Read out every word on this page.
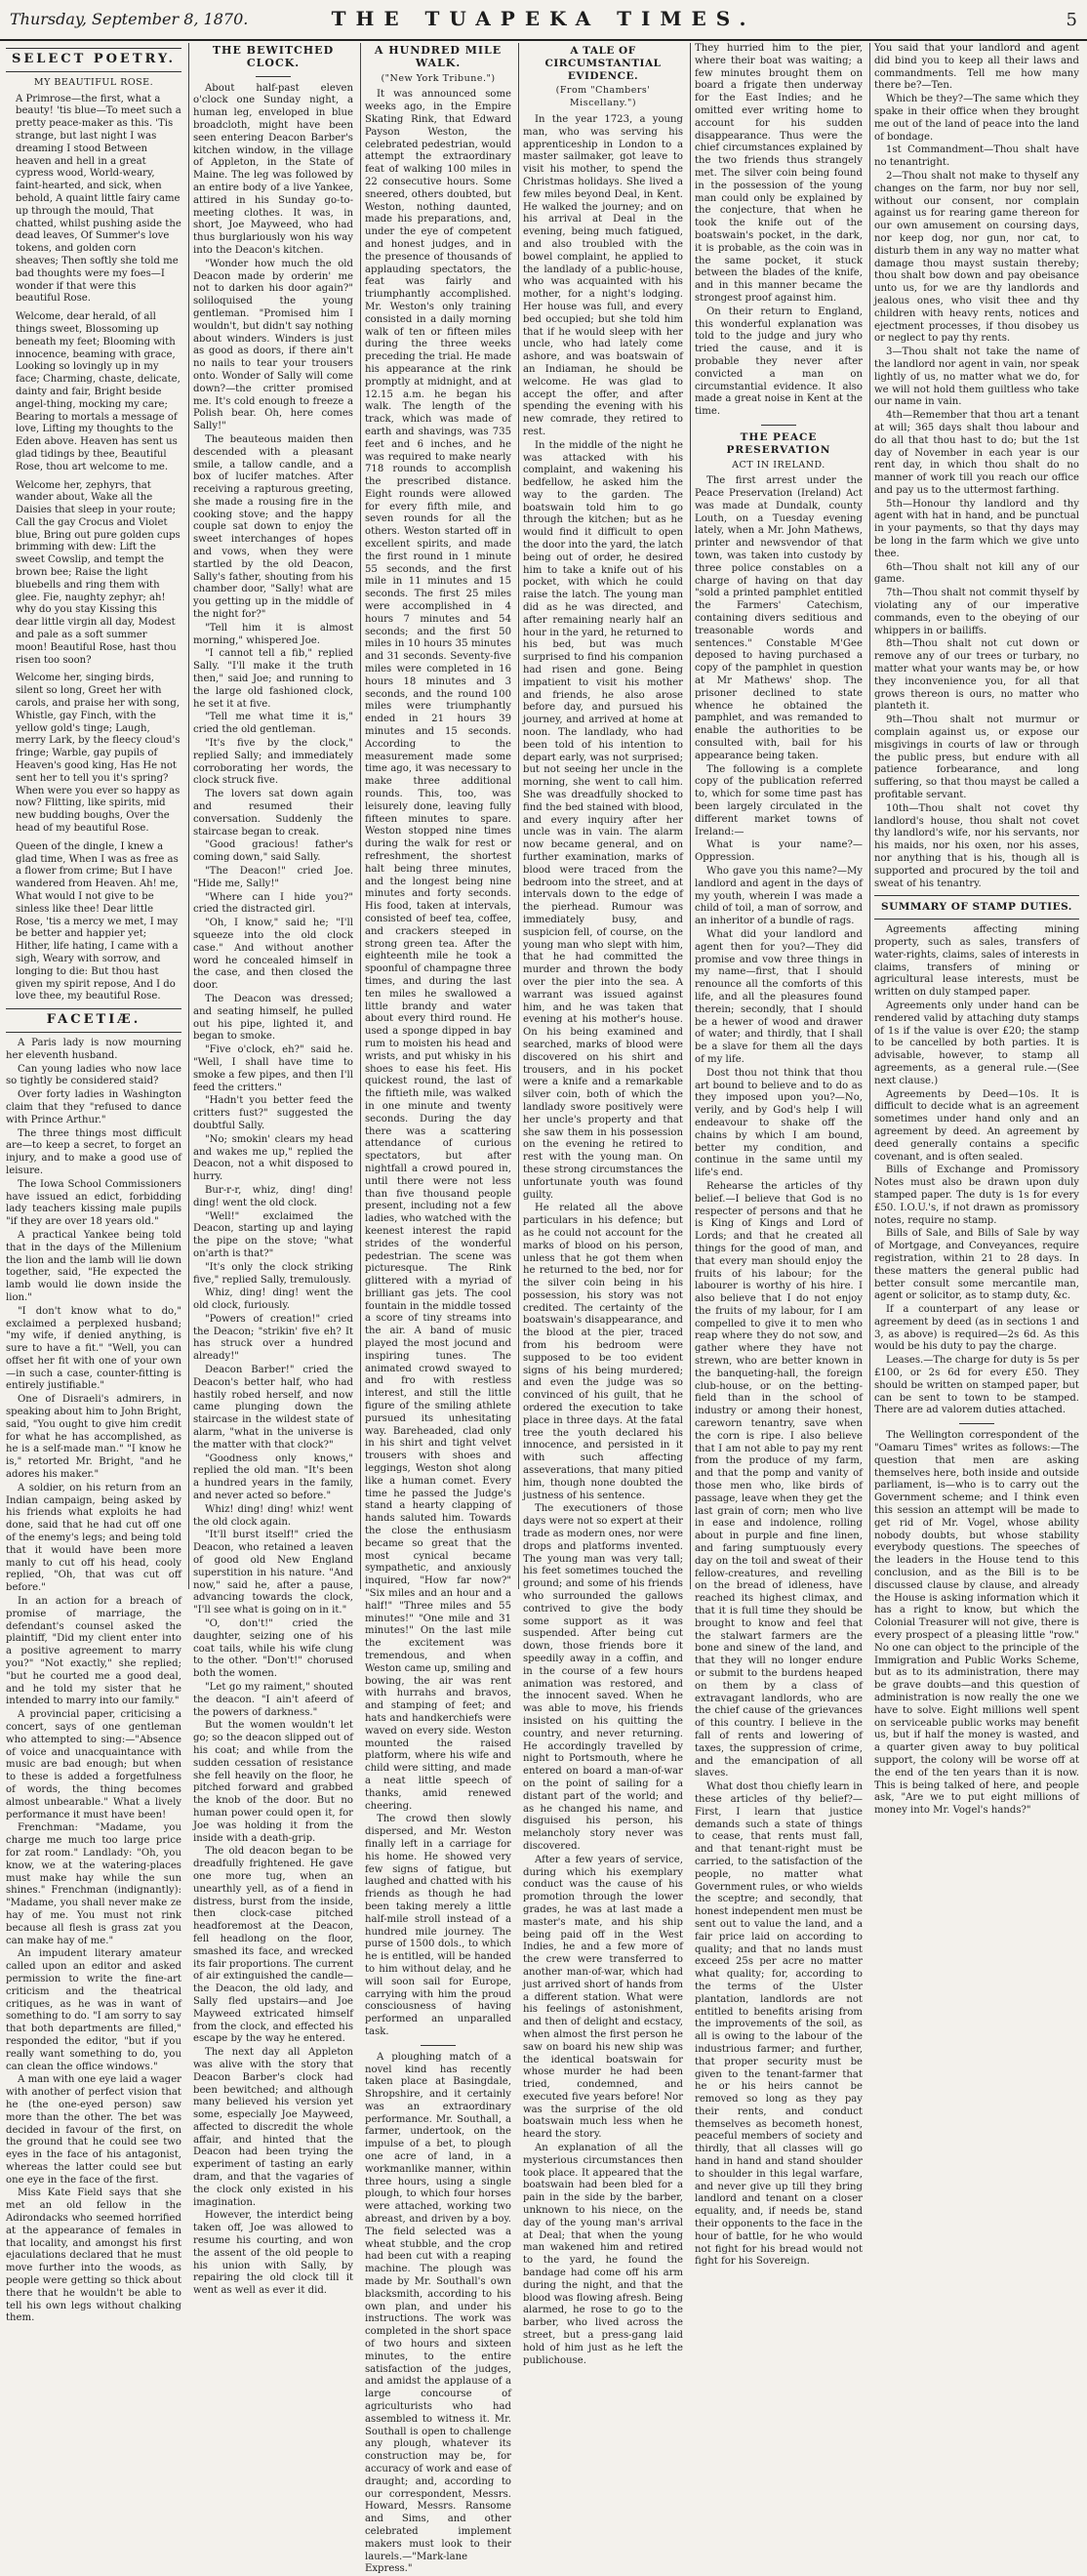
Thursday, September 8, 1870.	THE TUAPEKA TIMES.	5
SELECT POETRY.
MY BEAUTIFUL ROSE.

A Primrose—the first, what a beauty! 'tis blue—To meet such a pretty peace-maker as this. 'Tis strange, but last night I was dreaming I stood Between heaven and hell in a great cypress wood, World-weary, faint-hearted, and sick, when behold, A quaint little fairy came up through the mould, That chatted, whilst pushing aside the dead leaves, Of Summer's love tokens, and golden corn sheaves; Then softly she told me bad thoughts were my foes—I wonder if that were this beautiful Rose.

Welcome, dear herald, of all things sweet, Blossoming up beneath my feet; Blooming with innocence, beaming with grace, Looking so lovingly up in my face; Charming, chaste, delicate, dainty and fair, Bright beside angel-thing, mocking my care; Bearing to mortals a message of love, Lifting my thoughts to the Eden above. Heaven has sent us glad tidings by thee, Beautiful Rose, thou art welcome to me.

Welcome her, zephyrs, that wander about, Wake all the Daisies that sleep in your route; Call the gay Crocus and Violet blue, Bring out pure golden cups brimming with dew: Lift the sweet Cowslip, and tempt the brown bee; Raise the light bluebells and ring them with glee. Fie, naughty zephyr; ah! why do you stay Kissing this dear little virgin all day, Modest and pale as a soft summer moon! Beautiful Rose, hast thou risen too soon?

Welcome her, singing birds, silent so long, Greet her with carols, and praise her with song, Whistle, gay Finch, with the yellow gold's tinge; Laugh, merry Lark, by the fleecy cloud's fringe; Warble, gay pupils of Heaven's good king, Has He not sent her to tell you it's spring? When were you ever so happy as now? Flitting, like spirits, mid new budding boughs, Over the head of my beautiful Rose.

Queen of the dingle, I knew a glad time, When I was as free as a flower from crime; But I have wandered from Heaven. Ah! me, What would I not give to be sinless like thee! Dear little Rose, 'tis a mercy we met, I may be better and happier yet; Hither, life hating, I came with a sigh, Weary with sorrow, and longing to die: But thou hast given my spirit repose, And I do love thee, my beautiful Rose.

FACETIÆ.

A Paris lady is now mourning her eleventh husband.

Can young ladies who now lace so tightly be considered staid?

Over forty ladies in Washington claim that they "refused to dance with Prince Arthur."

The three things most difficult are—to keep a secret, to forget an injury, and to make a good use of leisure.

The Iowa School Commissioners have issued an edict, forbidding lady teachers kissing male pupils "if they are over 18 years old."

A practical Yankee being told that in the days of the Millenium the lion and the lamb will lie down together, said, "He expected the lamb would lie down inside the lion."

"I don't know what to do," exclaimed a perplexed husband; "my wife, if denied anything, is sure to have a fit." "Well, you can offset her fit with one of your own—in such a case, counter-fitting is entirely justifiable."

One of Disraeli's admirers, in speaking about him to John Bright, said, "You ought to give him credit for what he has accomplished, as he is a self-made man." "I know he is," retorted Mr. Bright, "and he adores his maker."

A soldier, on his return from an Indian campaign, being asked by his friends what exploits he had done, said that he had cut off one of the enemy's legs; and being told that it would have been more manly to cut off his head, cooly replied, "Oh, that was cut off before."

In an action for a breach of promise of marriage, the defendant's counsel asked the plaintiff, "Did my client enter into a positive agreement to marry you?" "Not exactly," she replied; "but he courted me a good deal, and he told my sister that he intended to marry into our family."

A provincial paper, criticising a concert, says of one gentleman who attempted to sing:—"Absence of voice and unacquaintance with music are bad enough; but when to these is added a forgetfulness of words, the thing becomes almost unbearable." What a lively performance it must have been!

Frenchman: "Madame, you charge me much too large price for zat room." Landlady: "Oh, you know, we at the watering-places must make hay while the sun shines." Frenchman (indignantly): "Madame, you shall never make ze hay of me. You must not rink because all flesh is grass zat you can make hay of me."

An impudent literary amateur called upon an editor and asked permission to write the fine-art criticism and the theatrical critiques, as he was in want of something to do. "I am sorry to say that both departments are filled," responded the editor, "but if you really want something to do, you can clean the office windows."

A man with one eye laid a wager with another of perfect vision that he (the one-eyed person) saw more than the other. The bet was decided in favour of the first, on the ground that he could see two eyes in the face of his antagonist, whereas the latter could see but one eye in the face of the first.

Miss Kate Field says that she met an old fellow in the Adirondacks who seemed horrified at the appearance of females in that locality, and amongst his first ejaculations declared that he must move further into the woods, as people were getting so thick about there that he wouldn't be able to tell his own legs without chalking them.

THE BEWITCHED CLOCK.

About half-past eleven o'clock one Sunday night, a human leg, enveloped in blue broadcloth, might have been seen entering Deacon Barber's kitchen window, in the village of Appleton, in the State of Maine. The leg was followed by an entire body of a live Yankee, attired in his Sunday go-to-meeting clothes. It was, in short, Joe Mayweed, who had thus burglariously won his way into the Deacon's kitchen.

"Wonder how much the old Deacon made by orderin' me not to darken his door again?" soliloquised the young gentleman. "Promised him I wouldn't, but didn't say nothing about winders. Winders is just as good as doors, if there ain't no nails to tear your trousers onto. Wonder of Sally will come down?—the critter promised me. It's cold enough to freeze a Polish bear. Oh, here comes Sally!"

The beauteous maiden then descended with a pleasant smile, a tallow candle, and a box of lucifer matches. After receiving a rapturous greeting, she made a rousing fire in the cooking stove; and the happy couple sat down to enjoy the sweet interchanges of hopes and vows, when they were startled by the old Deacon, Sally's father, shouting from his chamber door, "Sally! what are you getting up in the middle of the night for?"

"Tell him it is almost morning," whispered Joe.

"I cannot tell a fib," replied Sally. "I'll make it the truth then," said Joe; and running to the large old fashioned clock, he set it at five.

"Tell me what time it is," cried the old gentleman.

"It's five by the clock," replied Sally; and immediately corroborating her words, the clock struck five.

The lovers sat down again and resumed their conversation. Suddenly the staircase began to creak.

"Good gracious! father's coming down," said Sally.

"The Deacon!" cried Joe. "Hide me, Sally!"

"Where can I hide you?" cried the distracted girl.

"Oh, I know," said he; "I'll squeeze into the old clock case." And without another word he concealed himself in the case, and then closed the door.

The Deacon was dressed; and seating himself, he pulled out his pipe, lighted it, and began to smoke.

"Five o'clock, eh?" said he. "Well, I shall have time to smoke a few pipes, and then I'll feed the critters."

"Hadn't you better feed the critters fust?" suggested the doubtful Sally.

"No; smokin' clears my head and wakes me up," replied the Deacon, not a whit disposed to hurry.

Bur-r-r, whiz, ding! ding! ding! went the old clock.

"Well!" exclaimed the Deacon, starting up and laying the pipe on the stove; "what on'arth is that?"

"It's only the clock striking five," replied Sally, tremulously.

Whiz, ding! ding! went the old clock, furiously.

"Powers of creation!" cried the Deacon; "strikin' five eh? It has struck over a hundred already!"

Deacon Barber!" cried the Deacon's better half, who had hastily robed herself, and now came plunging down the staircase in the wildest state of alarm, "what in the universe is the matter with that clock?"

"Goodness only knows," replied the old man. "It's been a hundred years in the family, and never acted so before."

Whiz! ding! ding! whiz! went the old clock again.

"It'll burst itself!" cried the Deacon, who retained a leaven of good old New England superstition in his nature. "And now," said he, after a pause, advancing towards the clock, "I'll see what is going on in it."

"O, don't!" cried the daughter, seizing one of his coat tails, while his wife clung to the other. "Don't!" chorused both the women.

"Let go my raiment," shouted the deacon. "I ain't afeerd of the powers of darkness."

But the women wouldn't let go; so the deacon slipped out of his coat; and while from the sudden cessation of resistance she fell heavily on the floor, he pitched forward and grabbed the knob of the door. But no human power could open it, for Joe was holding it from the inside with a death-grip.

The old deacon began to be dreadfully frightened. He gave one more tug, when an unearthly yell, as of a fiend in distress, burst from the inside, then clock-case pitched headforemost at the Deacon, fell headlong on the floor, smashed its face, and wrecked its fair proportions. The current of air extinguished the candle—the Deacon, the old lady, and Sally fled upstairs—and Joe Mayweed extricated himself from the clock, and effected his escape by the way he entered.

The next day all Appleton was alive with the story that Deacon Barber's clock had been bewitched; and although many believed his version yet some, especially Joe Mayweed, affected to discredit the whole affair, and hinted that the Deacon had been trying the experiment of tasting an early dram, and that the vagaries of the clock only existed in his imagination.

However, the interdict being taken off, Joe was allowed to resume his courting, and won the assent of the old people to his union with Sally, by repairing the old clock till it went as well as ever it did.

A HUNDRED MILE WALK.
("New York Tribune.")

It was announced some weeks ago, in the Empire Skating Rink, that Edward Payson Weston, the celebrated pedestrian, would attempt the extraordinary feat of walking 100 miles in 22 consecutive hours. Some sneered, others doubted, but Weston, nothing daunted, made his preparations, and, under the eye of competent and honest judges, and in the presence of thousands of applauding spectators, the feat was fairly and triumphantly accomplished. Mr. Weston's only training consisted in a daily morning walk of ten or fifteen miles during the three weeks preceding the trial. He made his appearance at the rink promptly at midnight, and at 12.15 a.m. he began his walk. The length of the track, which was made of earth and shavings, was 735 feet and 6 inches, and he was required to make nearly 718 rounds to accomplish the prescribed distance. Eight rounds were allowed for every fifth mile, and seven rounds for all the others. Weston started off in excellent spirits, and made the first round in 1 minute 55 seconds, and the first mile in 11 minutes and 15 seconds. The first 25 miles were accomplished in 4 hours 7 minutes and 54 seconds; and the first 50 miles in 10 hours 35 minutes and 31 seconds. Seventy-five miles were completed in 16 hours 18 minutes and 3 seconds, and the round 100 miles were triumphantly ended in 21 hours 39 minutes and 15 seconds. According to the measurement made some time ago, it was necessary to make three additional rounds. This, too, was leisurely done, leaving fully fifteen minutes to spare. Weston stopped nine times during the walk for rest or refreshment, the shortest halt being three minutes, and the longest being nine minutes and forty seconds. His food, taken at intervals, consisted of beef tea, coffee, and crackers steeped in strong green tea. After the eighteenth mile he took a spoonful of champagne three times, and during the last ten miles he swallowed a little brandy and water about every third round. He used a sponge dipped in bay rum to moisten his head and wrists, and put whisky in his shoes to ease his feet. His quickest round, the last of the fiftieth mile, was walked in one minute and twenty seconds. During the day there was a scattering attendance of curious spectators, but after nightfall a crowd poured in, until there were not less than five thousand people present, including not a few ladies, who watched with the keenest interest the rapid strides of the wonderful pedestrian. The scene was picturesque. The Rink glittered with a myriad of brilliant gas jets. The cool fountain in the middle tossed a score of tiny streams into the air. A band of music played the most jocund and inspiring tunes. The animated crowd swayed to and fro with restless interest, and still the little figure of the smiling athlete pursued its unhesitating way. Bareheaded, clad only in his shirt and tight velvet trousers with shoes and leggings, Weston shot along like a human comet. Every time he passed the Judge's stand a hearty clapping of hands saluted him. Towards the close the enthusiasm became so great that the most cynical became sympathetic, and anxiously inquired, "How far now?" "Six miles and an hour and a half!" "Three miles and 55 minutes!" "One mile and 31 minutes!" On the last mile the excitement was tremendous, and when Weston came up, smiling and bowing, the air was rent with hurrahs and bravos, and stamping of feet; and hats and handkerchiefs were waved on every side. Weston mounted the raised platform, where his wife and child were sitting, and made a neat little speech of thanks, amid renewed cheering.

The crowd then slowly dispersed, and Mr. Weston finally left in a carriage for his home. He showed very few signs of fatigue, but laughed and chatted with his friends as though he had been taking merely a little half-mile stroll instead of a hundred mile journey. The purse of 1500 dols., to which he is entitled, will be handed to him without delay, and he will soon sail for Europe, carrying with him the proud consciousness of having performed an unparalled task.

A ploughing match of a novel kind has recently taken place at Basingdale, Shropshire, and it certainly was an extraordinary performance. Mr. Southall, a farmer, undertook, on the impulse of a bet, to plough one acre of land, in a workmanlike manner, within three hours, using a single plough, to which four horses were attached, working two abreast, and driven by a boy. The field selected was a wheat stubble, and the crop had been cut with a reaping machine. The plough was made by Mr. Southall's own blacksmith, according to his own plan, and under his instructions. The work was completed in the short space of two hours and sixteen minutes, to the entire satisfaction of the judges, and amidst the applause of a large concourse of agriculturists who had assembled to witness it. Mr. Southall is open to challenge any plough, whatever its construction may be, for accuracy of work and ease of draught; and, according to our correspondent, Messrs. Howard, Messrs. Ransome and Sims, and other celebrated implement makers must look to their laurels.—"Mark-lane Express."

A TALE OF CIRCUMSTANTIAL EVIDENCE.
(From "Chambers' Miscellany.")

In the year 1723, a young man, who was serving his apprenticeship in London to a master sailmaker, got leave to visit his mother, to spend the Christmas holidays. She lived a few miles beyond Deal, in Kent. He walked the journey; and on his arrival at Deal in the evening, being much fatigued, and also troubled with the bowel complaint, he applied to the landlady of a public-house, who was acquainted with his mother, for a night's lodging. Her house was full, and every bed occupied; but she told him that if he would sleep with her uncle, who had lately come ashore, and was boatswain of an Indiaman, he should be welcome. He was glad to accept the offer, and after spending the evening with his new comrade, they retired to rest.

In the middle of the night he was attacked with his complaint, and wakening his bedfellow, he asked him the way to the garden. The boatswain told him to go through the kitchen; but as he would find it difficult to open the door into the yard, the latch being out of order, he desired him to take a knife out of his pocket, with which he could raise the latch. The young man did as he was directed, and after remaining nearly half an hour in the yard, he returned to his bed, but was much surprised to find his companion had risen and gone. Being impatient to visit his mother and friends, he also arose before day, and pursued his journey, and arrived at home at noon. The landlady, who had been told of his intention to depart early, was not surprised; but not seeing her uncle in the morning, she went to call him. She was dreadfully shocked to find the bed stained with blood, and every inquiry after her uncle was in vain. The alarm now became general, and on further examination, marks of blood were traced from the bedroom into the street, and at intervals down to the edge of the pierhead. Rumour was immediately busy, and suspicion fell, of course, on the young man who slept with him, that he had committed the murder and thrown the body over the pier into the sea. A warrant was issued against him, and he was taken that evening at his mother's house. On his being examined and searched, marks of blood were discovered on his shirt and trousers, and in his pocket were a knife and a remarkable silver coin, both of which the landlady swore positively were her uncle's property and that she saw them in his possession on the evening he retired to rest with the young man. On these strong circumstances the unfortunate youth was found guilty.

He related all the above particulars in his defence; but as he could not account for the marks of blood on his person, unless that he got them when he returned to the bed, nor for the silver coin being in his possession, his story was not credited. The certainty of the boatswain's disappearance, and the blood at the pier, traced from his bedroom were supposed to be too evident signs of his being murdered; and even the judge was so convinced of his guilt, that he ordered the execution to take place in three days. At the fatal tree the youth declared his innocence, and persisted in it with such affecting asseverations, that many pitied him, though none doubted the justness of his sentence.

The executioners of those days were not so expert at their trade as modern ones, nor were drops and platforms invented. The young man was very tall; his feet sometimes touched the ground; and some of his friends who surrounded the gallows contrived to give the body some support as it was suspended. After being cut down, those friends bore it speedily away in a coffin, and in the course of a few hours animation was restored, and the innocent saved. When he was able to move, his friends insisted on his quitting the country, and never returning. He accordingly travelled by night to Portsmouth, where he entered on board a man-of-war on the point of sailing for a distant part of the world; and as he changed his name, and disguised his person, his melancholy story never was discovered.

After a few years of service, during which his exemplary conduct was the cause of his promotion through the lower grades, he was at last made a master's mate, and his ship being paid off in the West Indies, he and a few more of the crew were transferred to another man-of-war, which had just arrived short of hands from a different station. What were his feelings of astonishment, and then of delight and ecstacy, when almost the first person he saw on board his new ship was the identical boatswain for whose murder he had been tried, condemned, and executed five years before! Nor was the surprise of the old boatswain much less when he heard the story.

An explanation of all the mysterious circumstances then took place. It appeared that the boatswain had been bled for a pain in the side by the barber, unknown to his niece, on the day of the young man's arrival at Deal; that when the young man wakened him and retired to the yard, he found the bandage had come off his arm during the night, and that the blood was flowing afresh. Being alarmed, he rose to go to the barber, who lived across the street, but a press-gang laid hold of him just as he left the publichouse.

They hurried him to the pier, where their boat was waiting; a few minutes brought them on board a frigate then underway for the East Indies; and he omitted ever writing home to account for his sudden disappearance. Thus were the chief circumstances explained by the two friends thus strangely met. The silver coin being found in the possession of the young man could only be explained by the conjecture, that when he took the knife out of the boatswain's pocket, in the dark, it is probable, as the coin was in the same pocket, it stuck between the blades of the knife, and in this manner became the strongest proof against him.

On their return to England, this wonderful explanation was told to the judge and jury who tried the cause, and it is probable they never after convicted a man on circumstantial evidence. It also made a great noise in Kent at the time.

THE PEACE PRESERVATION
ACT IN IRELAND.

The first arrest under the Peace Preservation (Ireland) Act was made at Dundalk, county Louth, on a Tuesday evening lately, when a Mr. John Mathews, printer and newsvendor of that town, was taken into custody by three police constables on a charge of having on that day "sold a printed pamphlet entitled the Farmers' Catechism, containing divers seditious and treasonable words and sentences." Constable M'Gee deposed to having purchased a copy of the pamphlet in question at Mr Mathews' shop. The prisoner declined to state whence he obtained the pamphlet, and was remanded to enable the authorities to be consulted with, bail for his appearance being taken.

The following is a complete copy of the publication referred to, which for some time past has been largely circulated in the different market towns of Ireland:—

What is your name?—Oppression.

Who gave you this name?—My landlord and agent in the days of my youth, wherein I was made a child of toil, a man of sorrow, and an inheritor of a bundle of rags.

What did your landlord and agent then for you?—They did promise and vow three things in my name—first, that I should renounce all the comforts of this life, and all the pleasures found therein; secondly, that I should be a hewer of wood and drawer of water; and thirdly, that I shall be a slave for them all the days of my life.

Dost thou not think that thou art bound to believe and to do as they imposed upon you?—No, verily, and by God's help I will endeavour to shake off the chains by which I am bound, better my condition, and continue in the same until my life's end.

Rehearse the articles of thy belief.—I believe that God is no respecter of persons and that he is King of Kings and Lord of Lords; and that he created all things for the good of man, and that every man should enjoy the fruits of his labour; for the labourer is worthy of his hire. I also believe that I do not enjoy the fruits of my labour, for I am compelled to give it to men who reap where they do not sow, and gather where they have not strewn, who are better known in the banqueting-hall, the foreign club-house, or on the betting-field than in the school of industry or among their honest, careworn tenantry, save when the corn is ripe. I also believe that I am not able to pay my rent from the produce of my farm, and that the pomp and vanity of those men who, like birds of passage, leave when they get the last grain of corn; men who live in ease and indolence, rolling about in purple and fine linen, and faring sumptuously every day on the toil and sweat of their fellow-creatures, and revelling on the bread of idleness, have reached its highest climax, and that it is full time they should be brought to know and feel that the stalwart farmers are the bone and sinew of the land, and that they will no longer endure or submit to the burdens heaped on them by a class of extravagant landlords, who are the chief cause of the grievances of this country. I believe in the fall of rents and lowering of taxes, the suppression of crime, and the emancipation of all slaves.

What dost thou chiefly learn in these articles of thy belief?—First, I learn that justice demands such a state of things to cease, that rents must fall, and that tenant-right must be carried, to the satisfaction of the people, no matter what Government rules, or who wields the sceptre; and secondly, that honest independent men must be sent out to value the land, and a fair price laid on according to quality; and that no lands must exceed 25s per acre no matter what quality; for, according to the terms of the Ulster plantation, landlords are not entitled to benefits arising from the improvements of the soil, as all is owing to the labour of the industrious farmer; and further, that proper security must be given to the tenant-farmer that he or his heirs cannot be removed so long as they pay their rents, and conduct themselves as becometh honest, peaceful members of society and thirdly, that all classes will go hand in hand and stand shoulder to shoulder in this legal warfare, and never give up till they bring landlord and tenant on a closer equality, and, if needs be, stand their opponents to the face in the hour of battle, for he who would not fight for his bread would not fight for his Sovereign.

You said that your landlord and agent did bind you to keep all their laws and commandments. Tell me how many there be?—Ten.

Which be they?—The same which they spake in their office when they brought me out of the land of peace into the land of bondage.

1st Commandment—Thou shalt have no tenantright.

2—Thou shalt not make to thyself any changes on the farm, nor buy nor sell, without our consent, nor complain against us for rearing game thereon for our own amusement on coursing days, nor keep dog, nor gun, nor cat, to disturb them in any way no matter what damage thou mayst sustain thereby; thou shalt bow down and pay obeisance unto us, for we are thy landlords and jealous ones, who visit thee and thy children with heavy rents, notices and ejectment processes, if thou disobey us or neglect to pay thy rents.

3—Thou shalt not take the name of the landlord nor agent in vain, nor speak lightly of us, no matter what we do, for we will not hold them guiltless who take our name in vain.

4th—Remember that thou art a tenant at will; 365 days shalt thou labour and do all that thou hast to do; but the 1st day of November in each year is our rent day, in which thou shalt do no manner of work till you reach our office and pay us to the uttermost farthing.

5th—Honour thy landlord and thy agent with hat in hand, and be punctual in your payments, so that thy days may be long in the farm which we give unto thee.

6th—Thou shalt not kill any of our game.

7th—Thou shalt not commit thyself by violating any of our imperative commands, even to the obeying of our whippers in or bailiffs.

8th—Thou shalt not cut down or remove any of our trees or turbary, no matter what your wants may be, or how they inconvenience you, for all that grows thereon is ours, no matter who planteth it.

9th—Thou shalt not murmur or complain against us, or expose our misgivings in courts of law or through the public press, but endure with all patience forbearance, and long suffering, so that thou mayst be called a profitable servant.

10th—Thou shalt not covet thy landlord's house, thou shalt not covet thy landlord's wife, nor his servants, nor his maids, nor his oxen, nor his asses, nor anything that is his, though all is supported and procured by the toil and sweat of his tenantry.

SUMMARY OF STAMP DUTIES.

Agreements affecting mining property, such as sales, transfers of water-rights, claims, sales of interests in claims, transfers of mining or agricultural lease interests, must be written on duly stamped paper.

Agreements only under hand can be rendered valid by attaching duty stamps of 1s if the value is over £20; the stamp to be cancelled by both parties. It is advisable, however, to stamp all agreements, as a general rule.—(See next clause.)

Agreements by Deed—10s. It is difficult to decide what is an agreement sometimes under hand only and an agreement by deed. An agreement by deed generally contains a specific covenant, and is often sealed.

Bills of Exchange and Promissory Notes must also be drawn upon duly stamped paper. The duty is 1s for every £50. I.O.U.'s, if not drawn as promissory notes, require no stamp.

Bills of Sale, and Bills of Sale by way of Mortgage, and Conveyances, require registration, within 21 to 28 days. In these matters the general public had better consult some mercantile man, agent or solicitor, as to stamp duty, &c.

If a counterpart of any lease or agreement by deed (as in sections 1 and 3, as above) is required—2s 6d. As this would be his duty to pay the charge.

Leases.—The charge for duty is 5s per £100, or 2s 6d for every £50. They should be written on stamped paper, but can be sent to town to be stamped. There are ad valorem duties attached.

The Wellington correspondent of the "Oamaru Times" writes as follows:—The question that men are asking themselves here, both inside and outside parliament, is—who is to carry out the Government scheme; and I think even this session an attempt will be made to get rid of Mr. Vogel, whose ability nobody doubts, but whose stability everybody questions. The speeches of the leaders in the House tend to this conclusion, and as the Bill is to be discussed clause by clause, and already the House is asking information which it has a right to know, but which the Colonial Treasurer will not give, there is every prospect of a pleasing little "row." No one can object to the principle of the Immigration and Public Works Scheme, but as to its administration, there may be grave doubts—and this question of administration is now really the one we have to solve. Eight millions well spent on serviceable public works may benefit us, but if half the money is wasted, and a quarter given away to buy political support, the colony will be worse off at the end of the ten years than it is now. This is being talked of here, and people ask, "Are we to put eight millions of money into Mr. Vogel's hands?"
